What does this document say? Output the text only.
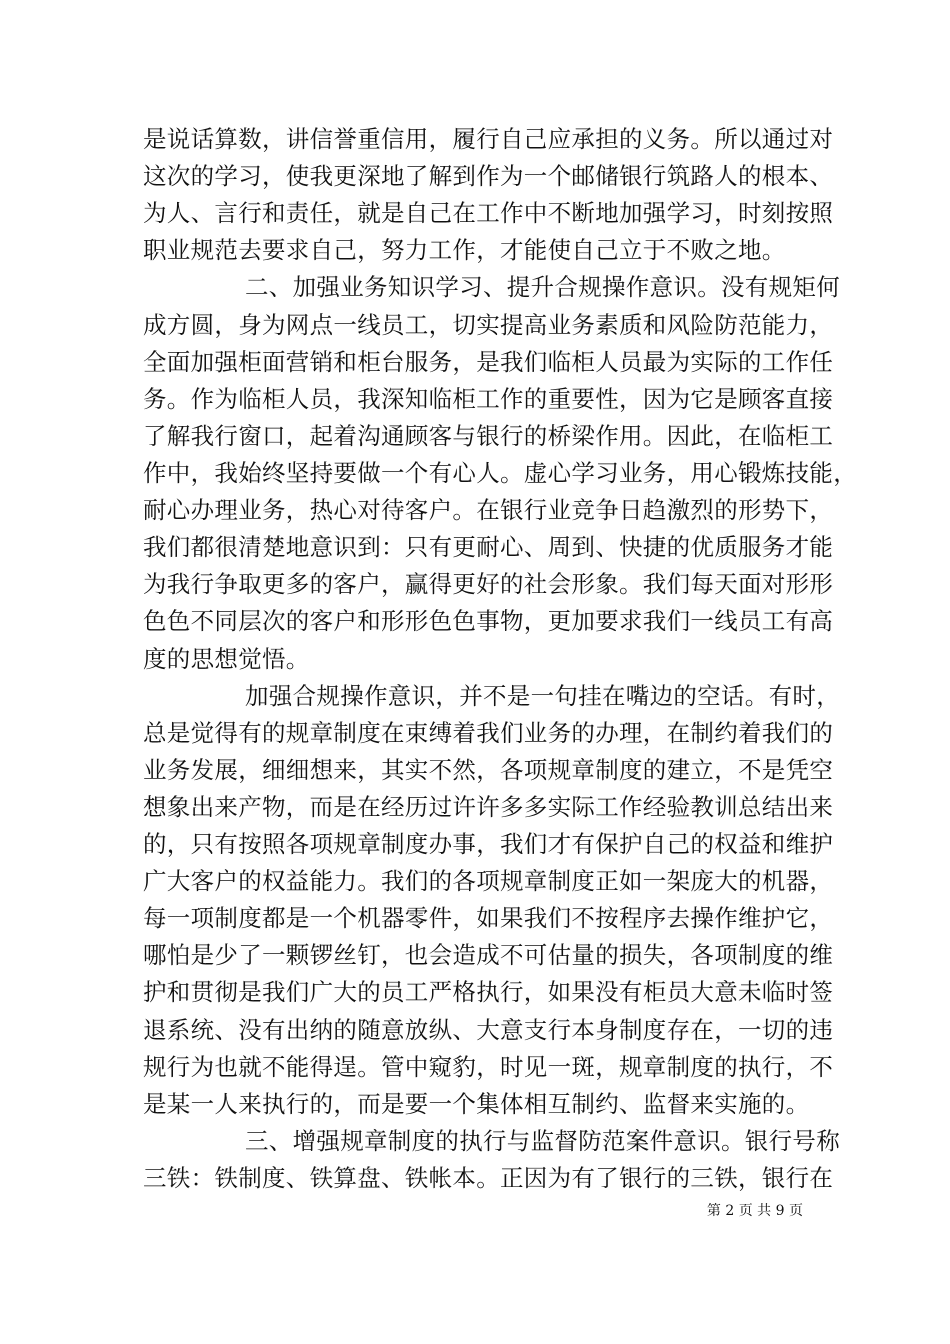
是说话算数，讲信誉重信用，履行自己应承担的义务。所以通过对
这次的学习，使我更深地了解到作为一个邮储银行筑路人的根本、
为人、言行和责任，就是自己在工作中不断地加强学习，时刻按照
职业规范去要求自己，努力工作，才能使自己立于不败之地。
二、加强业务知识学习、提升合规操作意识。没有规矩何
成方圆，身为网点一线员工，切实提高业务素质和风险防范能力，
全面加强柜面营销和柜台服务，是我们临柜人员最为实际的工作任
务。作为临柜人员，我深知临柜工作的重要性，因为它是顾客直接
了解我行窗口，起着沟通顾客与银行的桥梁作用。因此，在临柜工
作中，我始终坚持要做一个有心人。虚心学习业务，用心锻炼技能，
耐心办理业务，热心对待客户。在银行业竞争日趋激烈的形势下，
我们都很清楚地意识到：只有更耐心、周到、快捷的优质服务才能
为我行争取更多的客户，赢得更好的社会形象。我们每天面对形形
色色不同层次的客户和形形色色事物，更加要求我们一线员工有高
度的思想觉悟。
加强合规操作意识，并不是一句挂在嘴边的空话。有时，
总是觉得有的规章制度在束缚着我们业务的办理，在制约着我们的
业务发展，细细想来，其实不然，各项规章制度的建立，不是凭空
想象出来产物，而是在经历过许许多多实际工作经验教训总结出来
的，只有按照各项规章制度办事，我们才有保护自己的权益和维护
广大客户的权益能力。我们的各项规章制度正如一架庞大的机器，
每一项制度都是一个机器零件，如果我们不按程序去操作维护它，
哪怕是少了一颗锣丝钉，也会造成不可估量的损失，各项制度的维
护和贯彻是我们广大的员工严格执行，如果没有柜员大意未临时签
退系统、没有出纳的随意放纵、大意支行本身制度存在，一切的违
规行为也就不能得逞。管中窥豹，时见一斑，规章制度的执行，不
是某一人来执行的，而是要一个集体相互制约、监督来实施的。
三、增强规章制度的执行与监督防范案件意识。银行号称
三铁：铁制度、铁算盘、铁帐本。正因为有了银行的三铁，银行在
第 2 页 共 9 页
